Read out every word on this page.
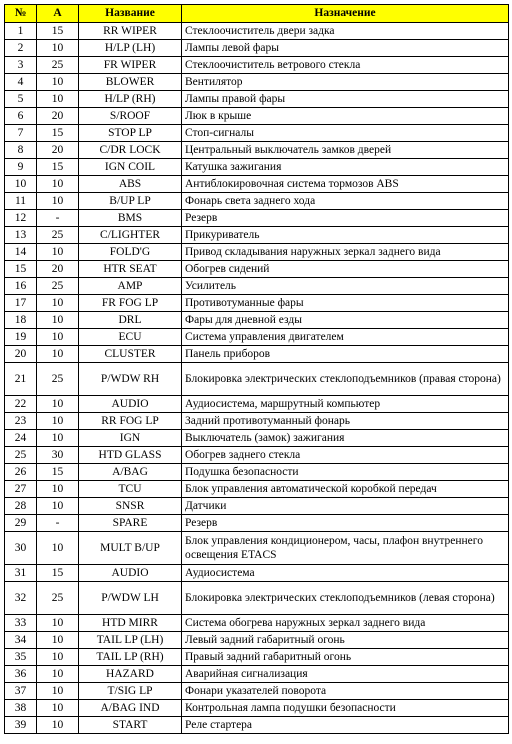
№	A	Название	Назначение
1	15	RR WIPER	Стеклоочиститель двери задка
2	10	H/LP (LH)	Лампы левой фары
3	25	FR WIPER	Стеклоочиститель ветрового стекла
4	10	BLOWER	Вентилятор
5	10	H/LP (RH)	Лампы правой фары
6	20	S/ROOF	Люк в крыше
7	15	STOP LP	Стоп-сигналы
8	20	C/DR LOCK	Центральный выключатель замков дверей
9	15	IGN COIL	Катушка зажигания
10	10	ABS	Антиблокировочная система тормозов ABS
11	10	B/UP LP	Фонарь света заднего хода
12	-	BMS	Резерв
13	25	C/LIGHTER	Прикуриватель
14	10	FOLD'G	Привод складывания наружных зеркал заднего вида
15	20	HTR SEAT	Обогрев сидений
16	25	AMP	Усилитель
17	10	FR FOG LP	Противотуманные фары
18	10	DRL	Фары для дневной езды
19	10	ECU	Система управления двигателем
20	10	CLUSTER	Панель приборов
21	25	P/WDW RH	Блокировка электрических стеклоподъемников (правая сторона)
22	10	AUDIO	Аудиосистема, маршрутный компьютер
23	10	RR FOG LP	Задний противотуманный фонарь
24	10	IGN	Выключатель (замок) зажигания
25	30	HTD GLASS	Обогрев заднего стекла
26	15	A/BAG	Подушка безопасности
27	10	TCU	Блок управления автоматической коробкой передач
28	10	SNSR	Датчики
29	-	SPARE	Резерв
30	10	MULT B/UP	Блок управления кондиционером, часы, плафон внутреннего освещения ETACS
31	15	AUDIO	Аудиосистема
32	25	P/WDW LH	Блокировка электрических стеклоподъемников (левая сторона)
33	10	HTD MIRR	Система обогрева наружных зеркал заднего вида
34	10	TAIL LP (LH)	Левый задний габаритный огонь
35	10	TAIL LP (RH)	Правый задний габаритный огонь
36	10	HAZARD	Аварийная сигнализация
37	10	T/SIG LP	Фонари указателей поворота
38	10	A/BAG IND	Контрольная лампа подушки безопасности
39	10	START	Реле стартера
